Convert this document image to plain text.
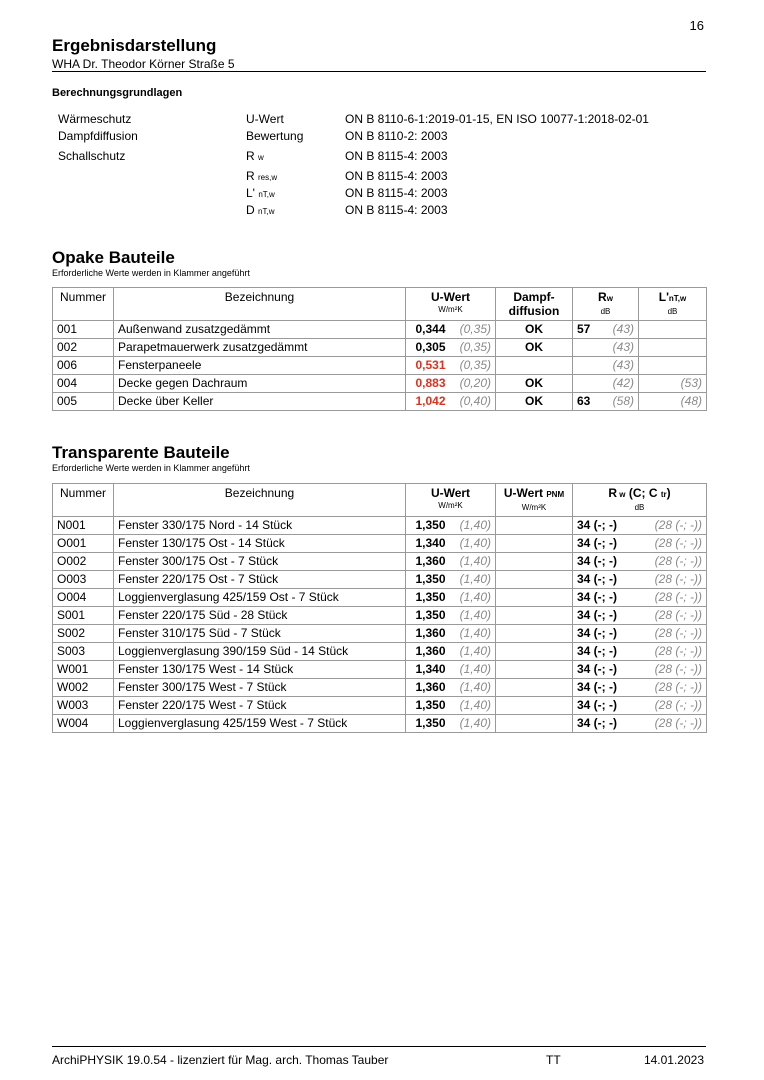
16
Ergebnisdarstellung
WHA Dr. Theodor Körner Straße 5
Berechnungsgrundlagen
Wärmeschutz	U-Wert	ON B 8110-6-1:2019-01-15, EN ISO 10077-1:2018-02-01
Dampfdiffusion	Bewertung	ON B 8110-2: 2003
Schallschutz	R w	ON B 8115-4: 2003
R res,w	ON B 8115-4: 2003
L' nT,w	ON B 8115-4: 2003
D nT,w	ON B 8115-4: 2003
Opake Bauteile
Erforderliche Werte werden in Klammer angeführt
Nummer	Bezeichnung	U-Wert
W/m²K		Dampf-
diffusion	Rw
dB		L'nT,w
dB

001	Außenwand zusatzgedämmt	0,344	(0,35)	OK	57	(43)	
002	Parapetmauerwerk zusatzgedämmt	0,305	(0,35)	OK		(43)	
006	Fensterpaneele	0,531	(0,35)			(43)	
004	Decke gegen Dachraum	0,883	(0,20)	OK		(42)	(53)
005	Decke über Keller	1,042	(0,40)	OK	63	(58)	(48)
Transparente Bauteile
Erforderliche Werte werden in Klammer angeführt
Nummer	Bezeichnung	U-Wert
W/m²K		U-Wert PNM
W/m²K	R w (C; C tr)
dB	

N001	Fenster 330/175 Nord - 14 Stück	1,350	(1,40)		34 (-; -)	(28 (-; -))
O001	Fenster 130/175 Ost - 14 Stück	1,340	(1,40)		34 (-; -)	(28 (-; -))
O002	Fenster 300/175 Ost - 7 Stück	1,360	(1,40)		34 (-; -)	(28 (-; -))
O003	Fenster 220/175 Ost - 7 Stück	1,350	(1,40)		34 (-; -)	(28 (-; -))
O004	Loggienverglasung 425/159 Ost - 7 Stück	1,350	(1,40)		34 (-; -)	(28 (-; -))
S001	Fenster 220/175 Süd - 28 Stück	1,350	(1,40)		34 (-; -)	(28 (-; -))
S002	Fenster 310/175 Süd - 7 Stück	1,360	(1,40)		34 (-; -)	(28 (-; -))
S003	Loggienverglasung 390/159 Süd - 14 Stück	1,360	(1,40)		34 (-; -)	(28 (-; -))
W001	Fenster 130/175 West - 14 Stück	1,340	(1,40)		34 (-; -)	(28 (-; -))
W002	Fenster 300/175 West - 7 Stück	1,360	(1,40)		34 (-; -)	(28 (-; -))
W003	Fenster 220/175 West - 7 Stück	1,350	(1,40)		34 (-; -)	(28 (-; -))
W004	Loggienverglasung 425/159 West - 7 Stück	1,350	(1,40)		34 (-; -)	(28 (-; -))
ArchiPHYSIK 19.0.54 - lizenziert für Mag. arch. Thomas Tauber	TT	14.01.2023
